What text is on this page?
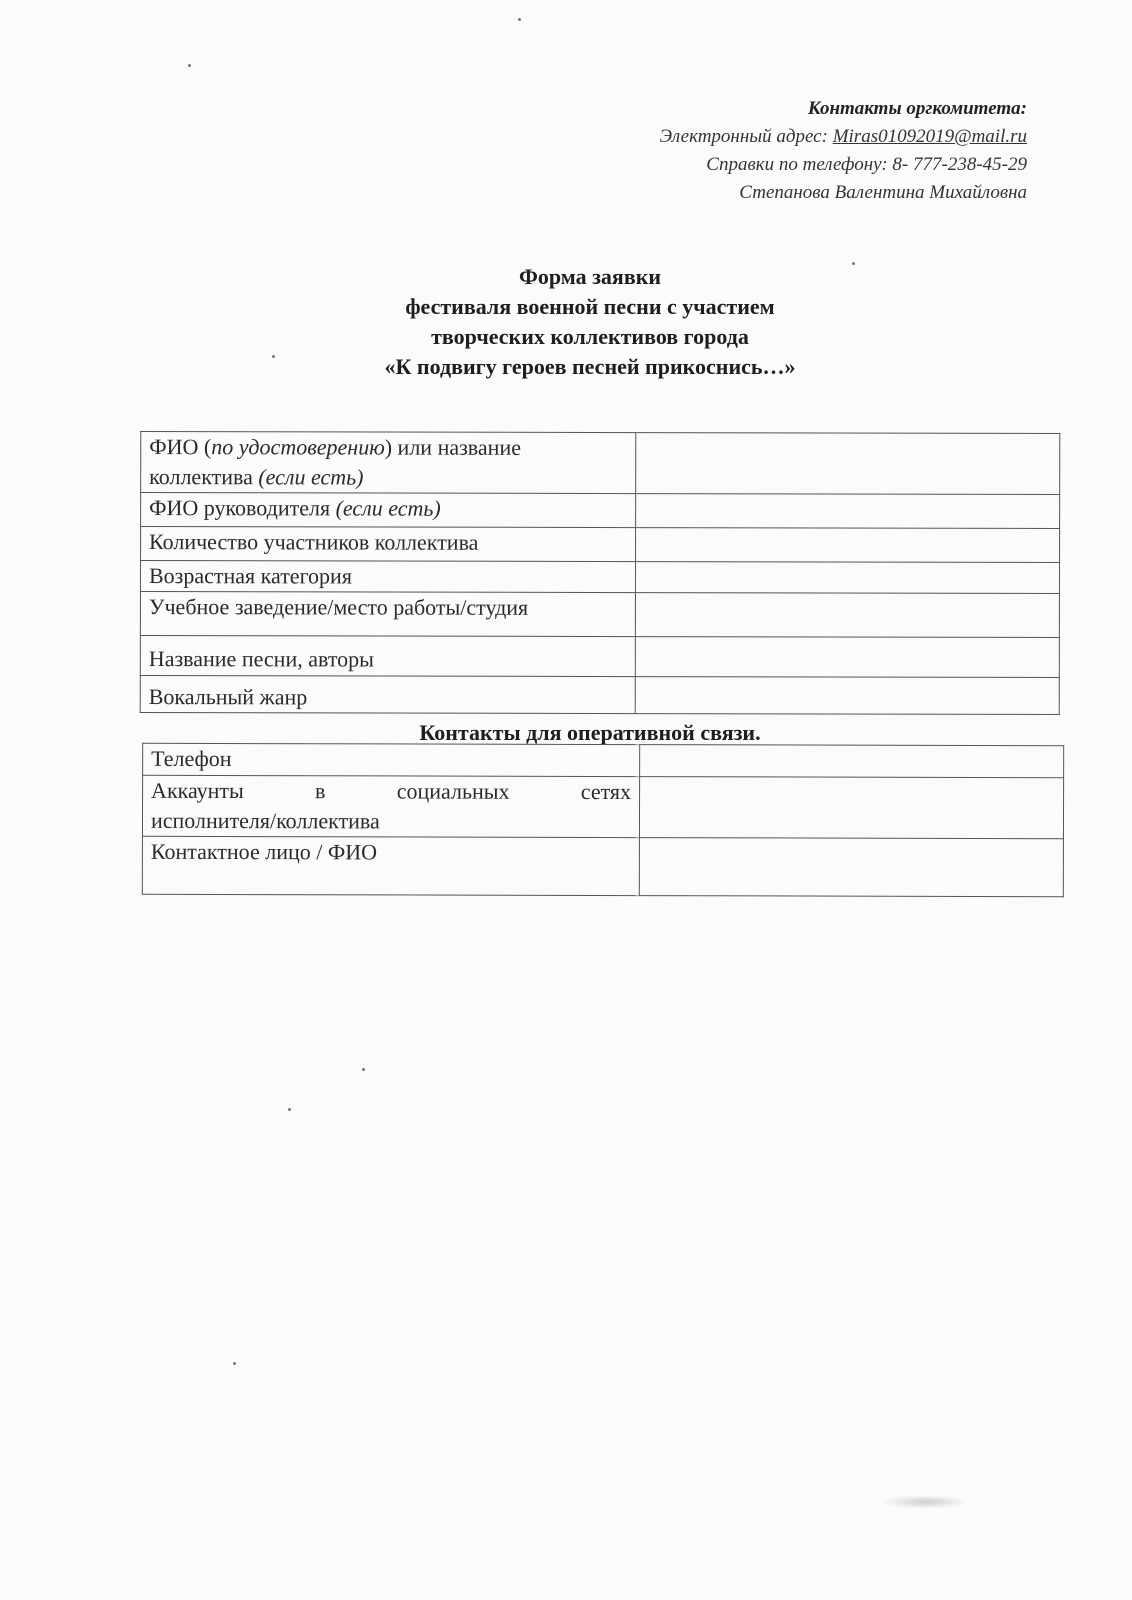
Контакты оргкомитета:
Электронный адрес: Miras01092019@mail.ru
Справки по телефону: 8- 777-238-45-29
Степанова Валентина Михайловна
Форма заявки
фестиваля военной песни с участием
творческих коллективов города
«К подвигу героев песней прикоснись…»
ФИО (по удостоверению) или название
коллектива (если есть)	
ФИО руководителя (если есть)	
Количество участников коллектива	
Возрастная категория	
Учебное заведение/место работы/студия	
Название песни, авторы	
Вокальный жанр	
Контакты для оперативной связи.
Телефон	

Аккаунты в социальных сетях
исполнителя/коллектива	

Контактное лицо / ФИО	
